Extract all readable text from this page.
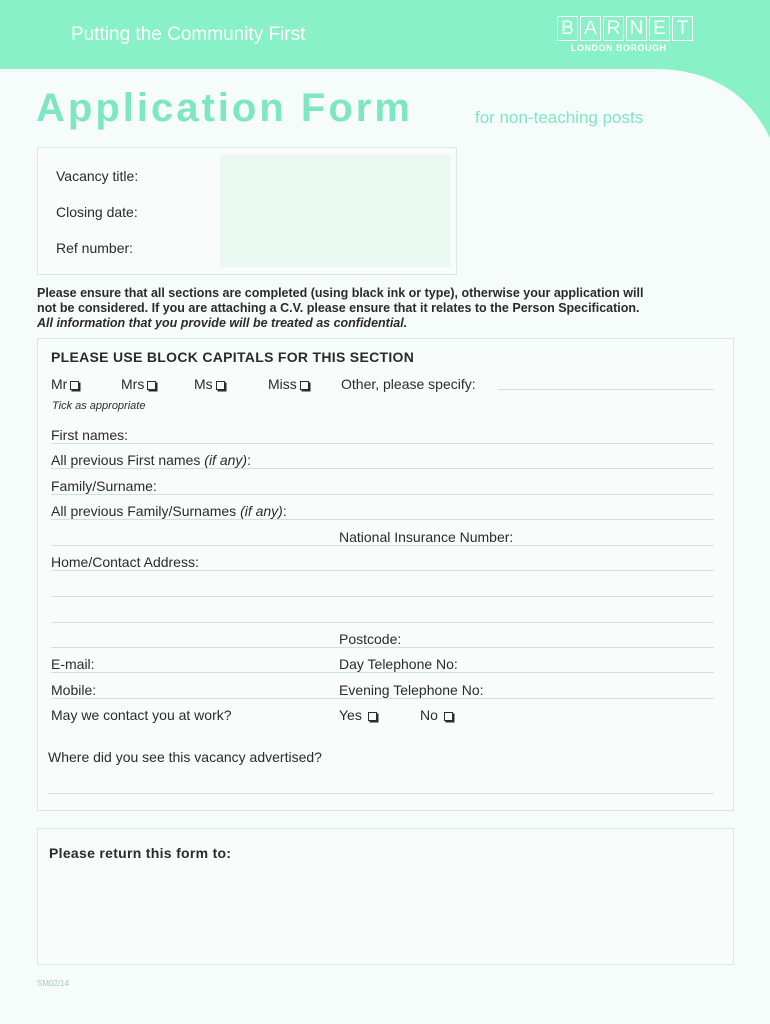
Putting the Community First	B A R N E T
LONDON BOROUGH
Application Form	for non-teaching posts
Vacancy title:
Closing date:
Ref number:

Please ensure that all sections are completed (using black ink or type), otherwise your application will

not be considered. If you are attaching a C.V. please ensure that it relates to the Person Specification.

All information that you provide will be treated as confidential.

PLEASE USE BLOCK CAPITALS FOR THIS SECTION
Mr	Mrs	Ms	Miss	Other, please specify:
Tick as appropriate
First names:
All previous First names (if any):
Family/Surname:
All previous Family/Surnames (if any):
National Insurance Number:
Home/Contact Address:
Postcode:
E-mail:	Day Telephone No:
Mobile:	Evening Telephone No:
May we contact you at work?	Yes	No
Where did you see this vacancy advertised?
Please return this form to:
SM02/14
